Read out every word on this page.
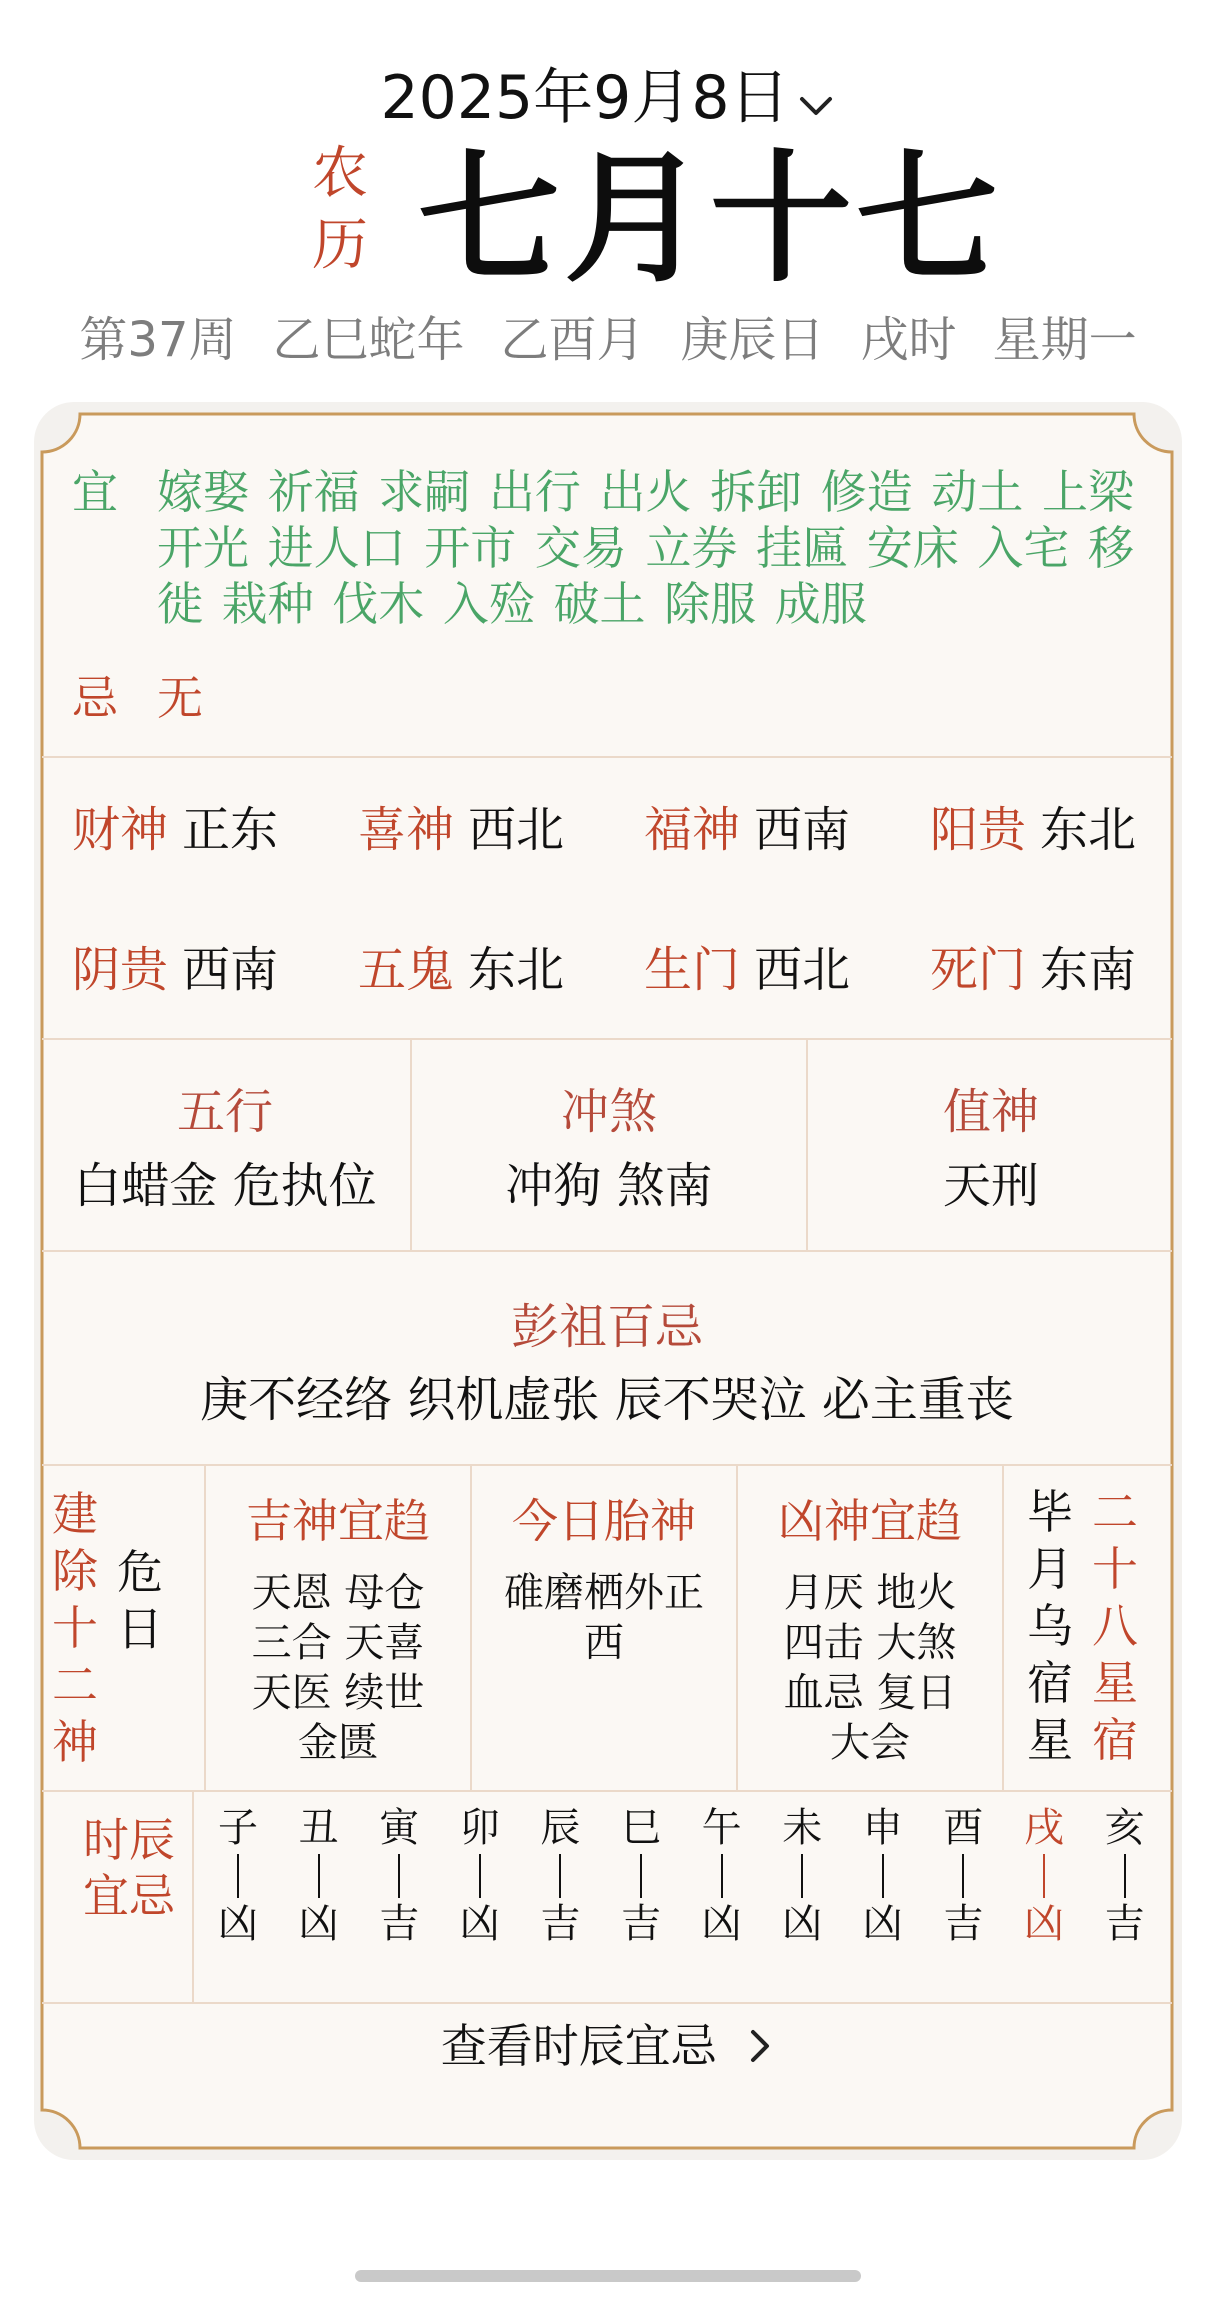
2025年9月8日
农
历 七月十七
第37周 乙巳蛇年 乙酉月 庚辰日 戌时 星期一
宜 嫁娶 祈福 求嗣 出行 出火 拆卸 修造 动土 上梁 开光 进人口 开市 交易 立券 挂匾 安床 入宅 移徙 栽种 伐木 入殓 破土 除服 成服
忌 无
财神 正东 喜神 西北 福神 西南 阳贵 东北
阴贵 西南 五鬼 东北 生门 西北 死门 东南
五行
白蜡金 危执位
冲煞
冲狗 煞南
值神
天刑
彭祖百忌
庚不经络 织机虚张 辰不哭泣 必主重丧
建
除
十
二
神
危
日
吉神宜趋
天恩 母仓
三合 天喜
天医 续世
金匮
今日胎神
碓磨栖外正
西
凶神宜趋
月厌 地火
四击 大煞
血忌 复日
大会
毕
月
乌
宿
星
二
十
八
星
宿
时辰
宜忌
子
凶
丑
凶
寅
吉
卯
凶
辰
吉
巳
吉
午
凶
未
凶
申
凶
酉
吉
戌
凶
亥
吉
查看时辰宜忌
